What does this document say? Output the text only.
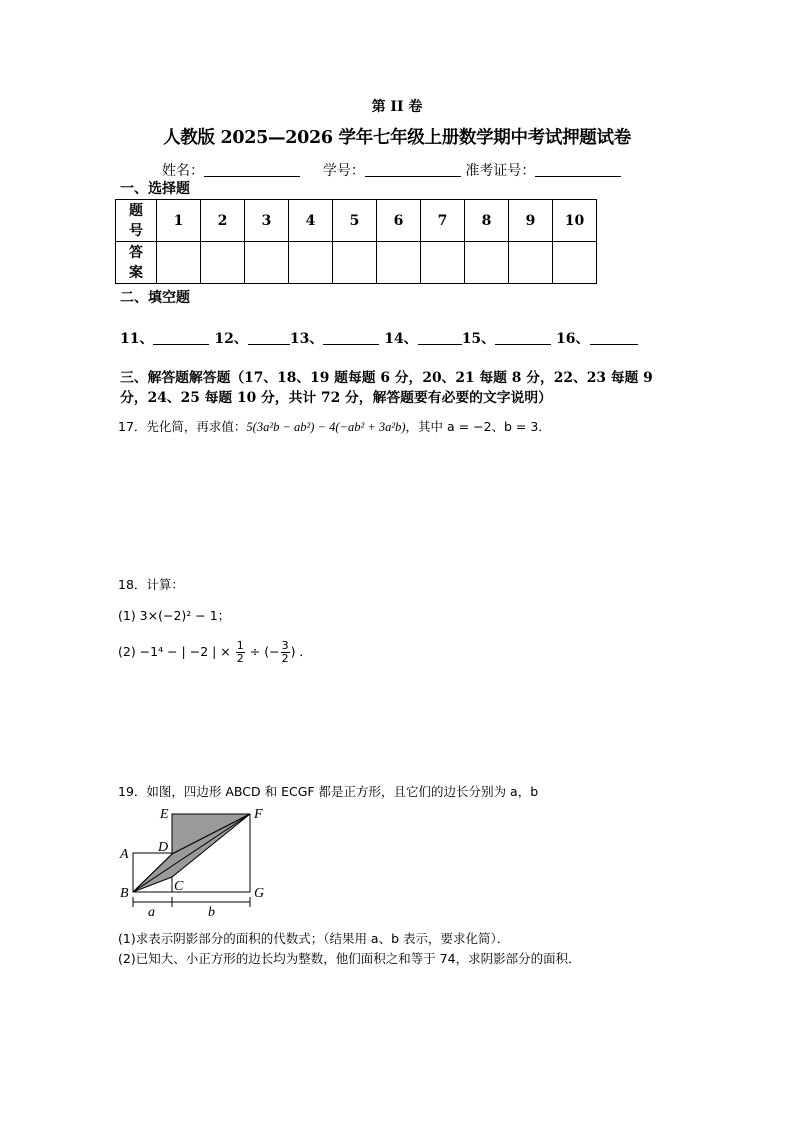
第 II 卷
人教版 2025—2026 学年七年级上册数学期中考试押题试卷
姓名：	学号：	准考证号：
一、选择题
题号	1	2	3	4	5	6	7	8	9	10
答案										
二、填空题
11、	12、	13、	14、	15、	16、
三、解答题解答题（17、18、19 题每题 6 分，20、21 每题 8 分，22、23 每题 9
分，24、25 每题 10 分，共计 72 分，解答题要有必要的文字说明）
17．先化简，再求值：5(3a²b − ab²) − 4(−ab² + 3a²b)，其中 a = −2、b = 3．
18．计算：
(1) 3×(−2)² − 1；
(2) −1⁴ − | −2 | × $\frac{1}{2}$ ÷ (− $\frac{3}{2}$ ) ．
19．如图，四边形 ABCD 和 ECGF 都是正方形，且它们的边长分别为 a，b
E	F
A D
B	C	G
a	b
(1)求表示阴影部分的面积的代数式；（结果用 a、b 表示，要求化简）．
(2)已知大、小正方形的边长均为整数，他们面积之和等于 74，求阴影部分的面积．
